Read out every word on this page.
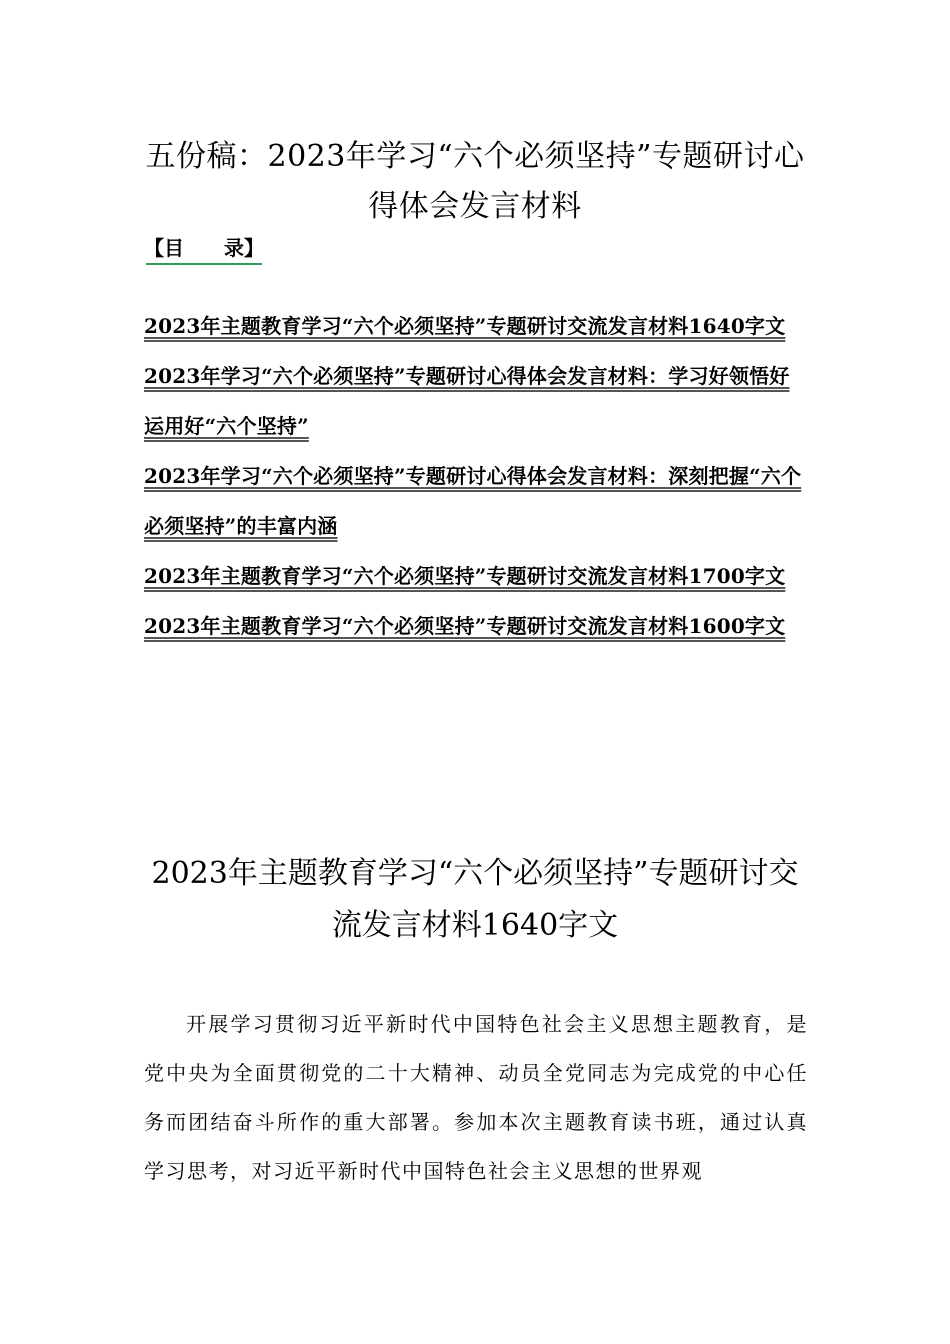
五份稿：2023年学习“六个必须坚持”专题研讨心得体会发言材料
【目　　录】
2023年主题教育学习“六个必须坚持”专题研讨交流发言材料1640字文
2023年学习“六个必须坚持”专题研讨心得体会发言材料：学习好领悟好运用好“六个坚持”
2023年学习“六个必须坚持”专题研讨心得体会发言材料：深刻把握“六个必须坚持”的丰富内涵
2023年主题教育学习“六个必须坚持”专题研讨交流发言材料1700字文
2023年主题教育学习“六个必须坚持”专题研讨交流发言材料1600字文
2023年主题教育学习“六个必须坚持”专题研讨交流发言材料1640字文

开展学习贯彻习近平新时代中国特色社会主义思想主题教育，是党中央为全面贯彻党的二十大精神、动员全党同志为完成党的中心任务而团结奋斗所作的重大部署。参加本次主题教育读书班，通过认真学习思考，对习近平新时代中国特色社会主义思想的世界观
